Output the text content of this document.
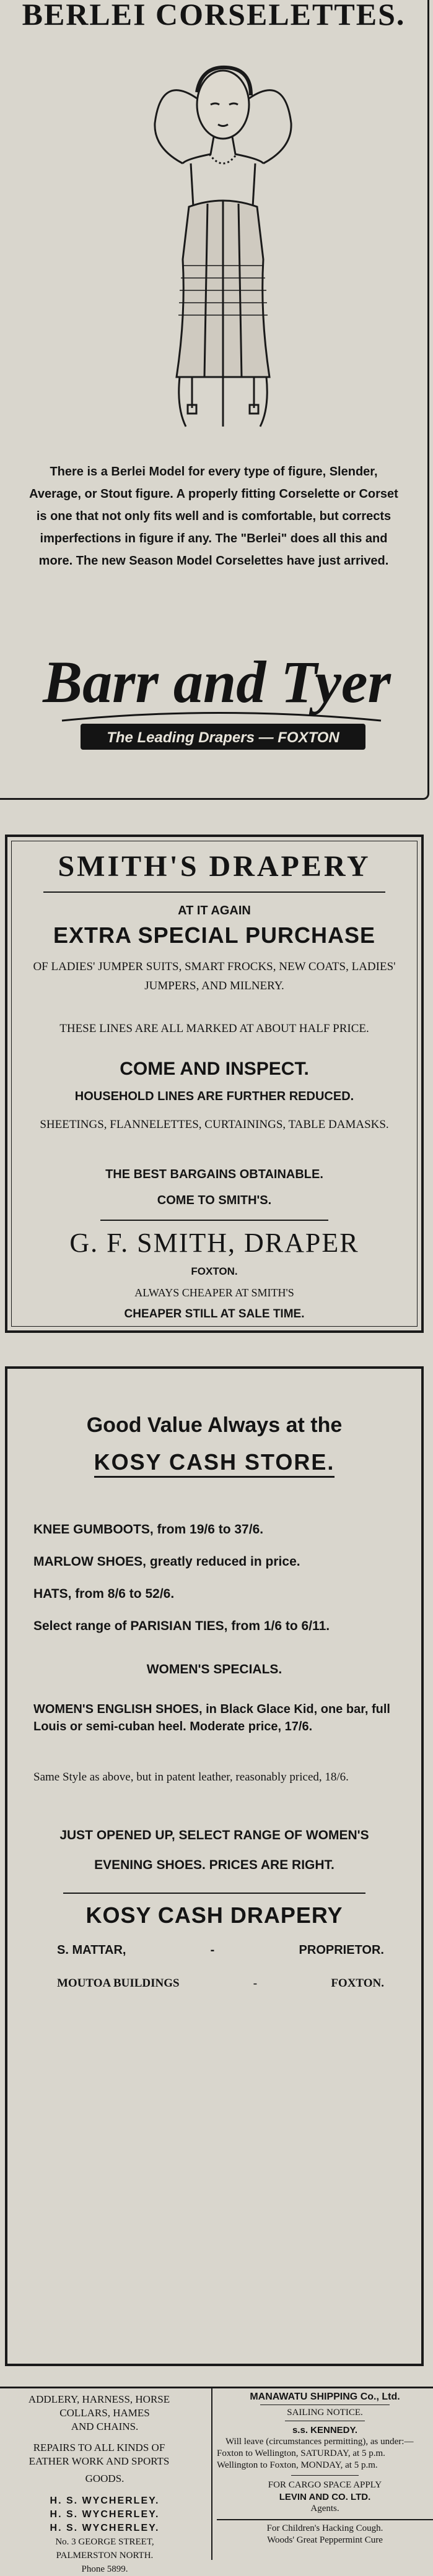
BERLEI CORSELETTES.

There is a Berlei Model for every type of figure, Slender, Average, or Stout figure. A properly fitting Corselette or Corset is one that not only fits well and is comfortable, but corrects imperfections in figure if any. The "Berlei" does all this and more. The new Season Model Corselettes have just arrived.

Barr and Tyer
The Leading Drapers — FOXTON
SMITH'S DRAPERY
AT IT AGAIN
EXTRA SPECIAL PURCHASE

OF LADIES' JUMPER SUITS, SMART FROCKS, NEW COATS, LADIES' JUMPERS, AND MILNERY.

THESE LINES ARE ALL MARKED AT ABOUT HALF PRICE.

COME AND INSPECT.
HOUSEHOLD LINES ARE FURTHER REDUCED.

SHEETINGS, FLANNELETTES, CURTAININGS, TABLE DAMASKS.

THE BEST BARGAINS OBTAINABLE.
COME TO SMITH'S.
G. F. SMITH, DRAPER
FOXTON.
ALWAYS CHEAPER AT SMITH'S
CHEAPER STILL AT SALE TIME.
Good Value Always at the
KOSY CASH STORE.
KNEE GUMBOOTS, from 19/6 to 37/6.
MARLOW SHOES, greatly reduced in price.
HATS, from 8/6 to 52/6.
Select range of PARISIAN TIES, from 1/6 to 6/11.
WOMEN'S SPECIALS.

WOMEN'S ENGLISH SHOES, in Black Glace Kid, one bar, full Louis or semi-cuban heel. Moderate price, 17/6.

Same Style as above, but in patent leather, reasonably priced, 18/6.

JUST OPENED UP, SELECT RANGE OF WOMEN'S EVENING SHOES. PRICES ARE RIGHT.

KOSY CASH DRAPERY
S. MATTAR,	-	PROPRIETOR.
MOUTOA BUILDINGS	-	FOXTON.
ADDLERY, HARNESS, HORSE
COLLARS, HAMES
AND CHAINS.
REPAIRS TO ALL KINDS OF
EATHER WORK AND SPORTS
GOODS.
H. S. WYCHERLEY.
H. S. WYCHERLEY.
H. S. WYCHERLEY.
No. 3 GEORGE STREET,
PALMERSTON NORTH.
Phone 5899.
MANAWATU SHIPPING Co., Ltd.
SAILING NOTICE.
s.s. KENNEDY.

Will leave (circumstances permitting), as under:—

Foxton to Wellington, SATURDAY, at 5 p.m.

Wellington to Foxton, MONDAY, at 5 p.m.

FOR CARGO SPACE APPLY
LEVIN AND CO. LTD.
Agents.
For Children's Hacking Cough.
Woods' Great Peppermint Cure
